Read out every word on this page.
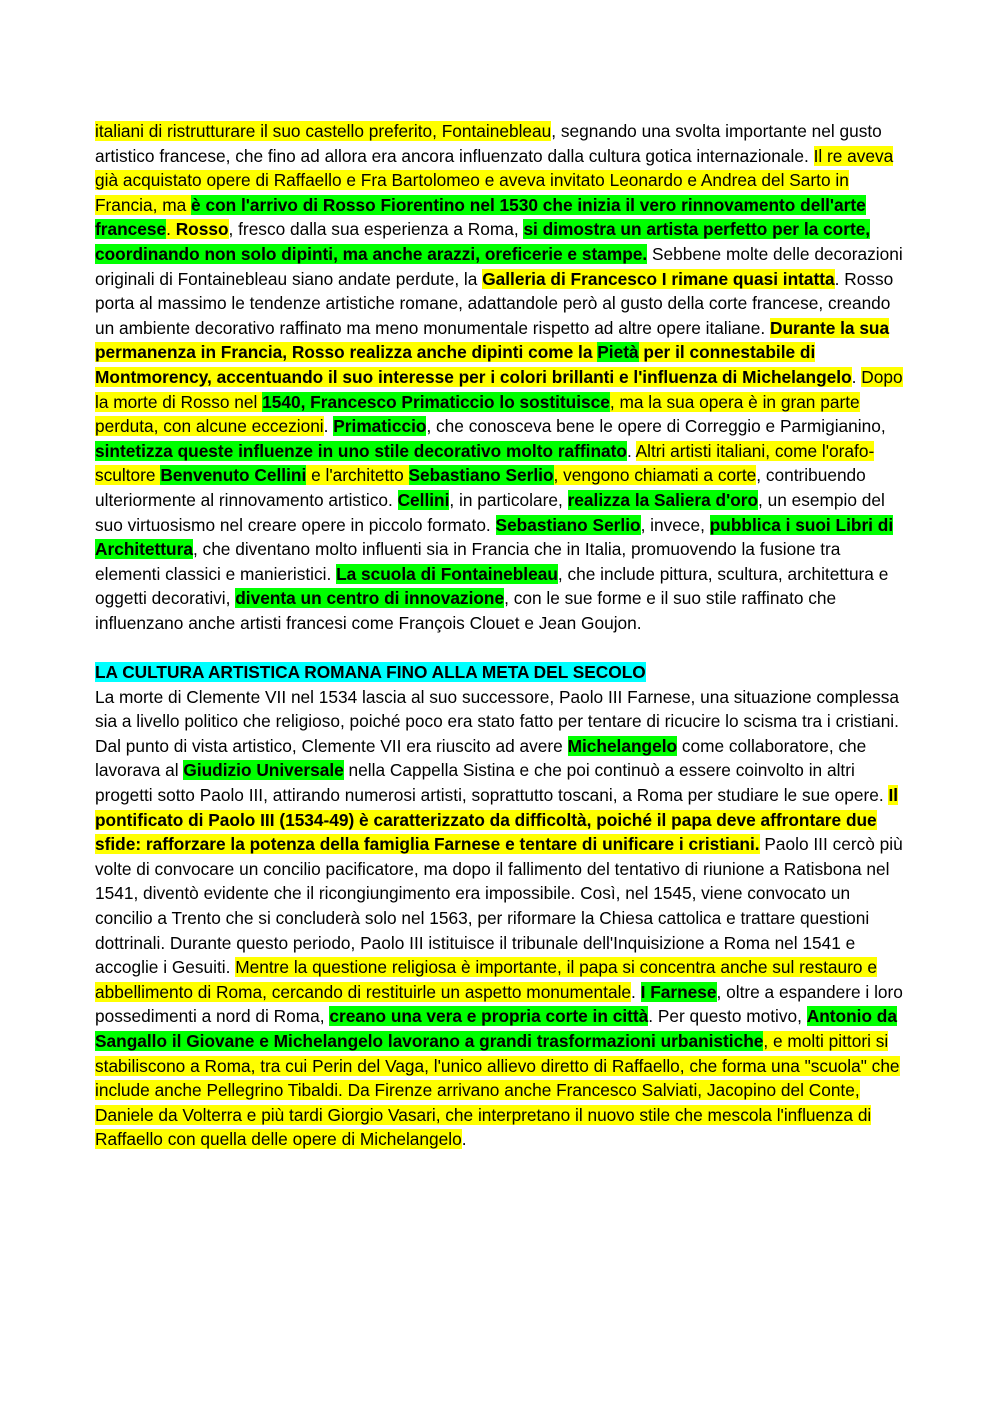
italiani di ristrutturare il suo castello preferito, Fontainebleau, segnando una svolta importante nel gusto artistico francese, che fino ad allora era ancora influenzato dalla cultura gotica internazionale. Il re aveva già acquistato opere di Raffaello e Fra Bartolomeo e aveva invitato Leonardo e Andrea del Sarto in Francia, ma è con l'arrivo di Rosso Fiorentino nel 1530 che inizia il vero rinnovamento dell'arte francese. Rosso, fresco dalla sua esperienza a Roma, si dimostra un artista perfetto per la corte, coordinando non solo dipinti, ma anche arazzi, oreficerie e stampe. Sebbene molte delle decorazioni originali di Fontainebleau siano andate perdute, la Galleria di Francesco I rimane quasi intatta. Rosso porta al massimo le tendenze artistiche romane, adattandole però al gusto della corte francese, creando un ambiente decorativo raffinato ma meno monumentale rispetto ad altre opere italiane. Durante la sua permanenza in Francia, Rosso realizza anche dipinti come la Pietà per il connestabile di Montmorency, accentuando il suo interesse per i colori brillanti e l'influenza di Michelangelo. Dopo la morte di Rosso nel 1540, Francesco Primaticcio lo sostituisce, ma la sua opera è in gran parte perduta, con alcune eccezioni. Primaticcio, che conosceva bene le opere di Correggio e Parmigianino, sintetizza queste influenze in uno stile decorativo molto raffinato. Altri artisti italiani, come l'orafo-scultore Benvenuto Cellini e l'architetto Sebastiano Serlio, vengono chiamati a corte, contribuendo ulteriormente al rinnovamento artistico. Cellini, in particolare, realizza la Saliera d'oro, un esempio del suo virtuosismo nel creare opere in piccolo formato. Sebastiano Serlio, invece, pubblica i suoi Libri di Architettura, che diventano molto influenti sia in Francia che in Italia, promuovendo la fusione tra elementi classici e manieristici. La scuola di Fontainebleau, che include pittura, scultura, architettura e oggetti decorativi, diventa un centro di innovazione, con le sue forme e il suo stile raffinato che influenzano anche artisti francesi come François Clouet e Jean Goujon.

LA CULTURA ARTISTICA ROMANA FINO ALLA META DEL SECOLO

La morte di Clemente VII nel 1534 lascia al suo successore, Paolo III Farnese, una situazione complessa sia a livello politico che religioso, poiché poco era stato fatto per tentare di ricucire lo scisma tra i cristiani. Dal punto di vista artistico, Clemente VII era riuscito ad avere Michelangelo come collaboratore, che lavorava al Giudizio Universale nella Cappella Sistina e che poi continuò a essere coinvolto in altri progetti sotto Paolo III, attirando numerosi artisti, soprattutto toscani, a Roma per studiare le sue opere. Il pontificato di Paolo III (1534-49) è caratterizzato da difficoltà, poiché il papa deve affrontare due sfide: rafforzare la potenza della famiglia Farnese e tentare di unificare i cristiani. Paolo III cercò più volte di convocare un concilio pacificatore, ma dopo il fallimento del tentativo di riunione a Ratisbona nel 1541, diventò evidente che il ricongiungimento era impossibile. Così, nel 1545, viene convocato un concilio a Trento che si concluderà solo nel 1563, per riformare la Chiesa cattolica e trattare questioni dottrinali. Durante questo periodo, Paolo III istituisce il tribunale dell'Inquisizione a Roma nel 1541 e accoglie i Gesuiti. Mentre la questione religiosa è importante, il papa si concentra anche sul restauro e abbellimento di Roma, cercando di restituirle un aspetto monumentale. I Farnese, oltre a espandere i loro possedimenti a nord di Roma, creano una vera e propria corte in città. Per questo motivo, Antonio da Sangallo il Giovane e Michelangelo lavorano a grandi trasformazioni urbanistiche, e molti pittori si stabiliscono a Roma, tra cui Perin del Vaga, l'unico allievo diretto di Raffaello, che forma una "scuola" che include anche Pellegrino Tibaldi. Da Firenze arrivano anche Francesco Salviati, Jacopino del Conte, Daniele da Volterra e più tardi Giorgio Vasari, che interpretano il nuovo stile che mescola l'influenza di Raffaello con quella delle opere di Michelangelo.
